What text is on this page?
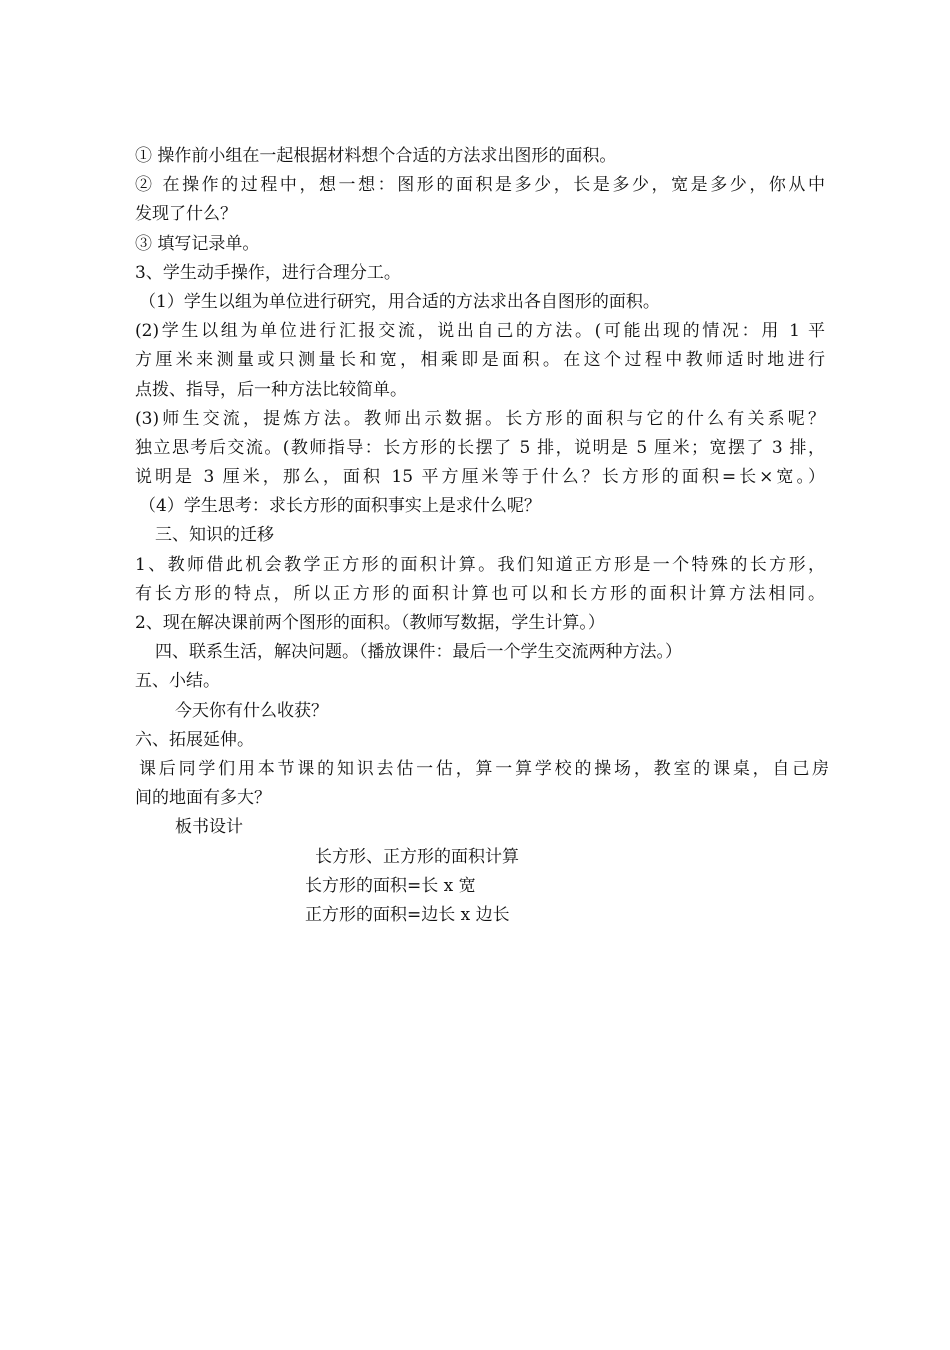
① 操作前小组在一起根据材料想个合适的方法求出图形的面积。
② 在操作的过程中，想一想：图形的面积是多少，长是多少，宽是多少，你从中
发现了什么？
③ 填写记录单。
3、学生动手操作，进行合理分工。
（1）学生以组为单位进行研究，用合适的方法求出各自图形的面积。
(2)学生以组为单位进行汇报交流，说出自己的方法。(可能出现的情况：用 1 平
方厘米来测量或只测量长和宽，相乘即是面积。在这个过程中教师适时地进行
点拨、指导，后一种方法比较简单。
(3)师生交流，提炼方法。教师出示数据。长方形的面积与它的什么有关系呢？
独立思考后交流。(教师指导：长方形的长摆了 5 排，说明是 5 厘米；宽摆了 3 排，
说明是 3 厘米，那么，面积 15 平方厘米等于什么？长方形的面积=长×宽。）
（4）学生思考：求长方形的面积事实上是求什么呢？
三、知识的迁移
1、教师借此机会教学正方形的面积计算。我们知道正方形是一个特殊的长方形，
有长方形的特点，所以正方形的面积计算也可以和长方形的面积计算方法相同。
2、现在解决课前两个图形的面积。（教师写数据，学生计算。）
四、联系生活，解决问题。（播放课件：最后一个学生交流两种方法。）
五、小结。
今天你有什么收获？
六、拓展延伸。
课后同学们用本节课的知识去估一估，算一算学校的操场，教室的课桌，自己房
间的地面有多大？
板书设计
长方形、正方形的面积计算
长方形的面积=长 x 宽
正方形的面积=边长 x 边长
